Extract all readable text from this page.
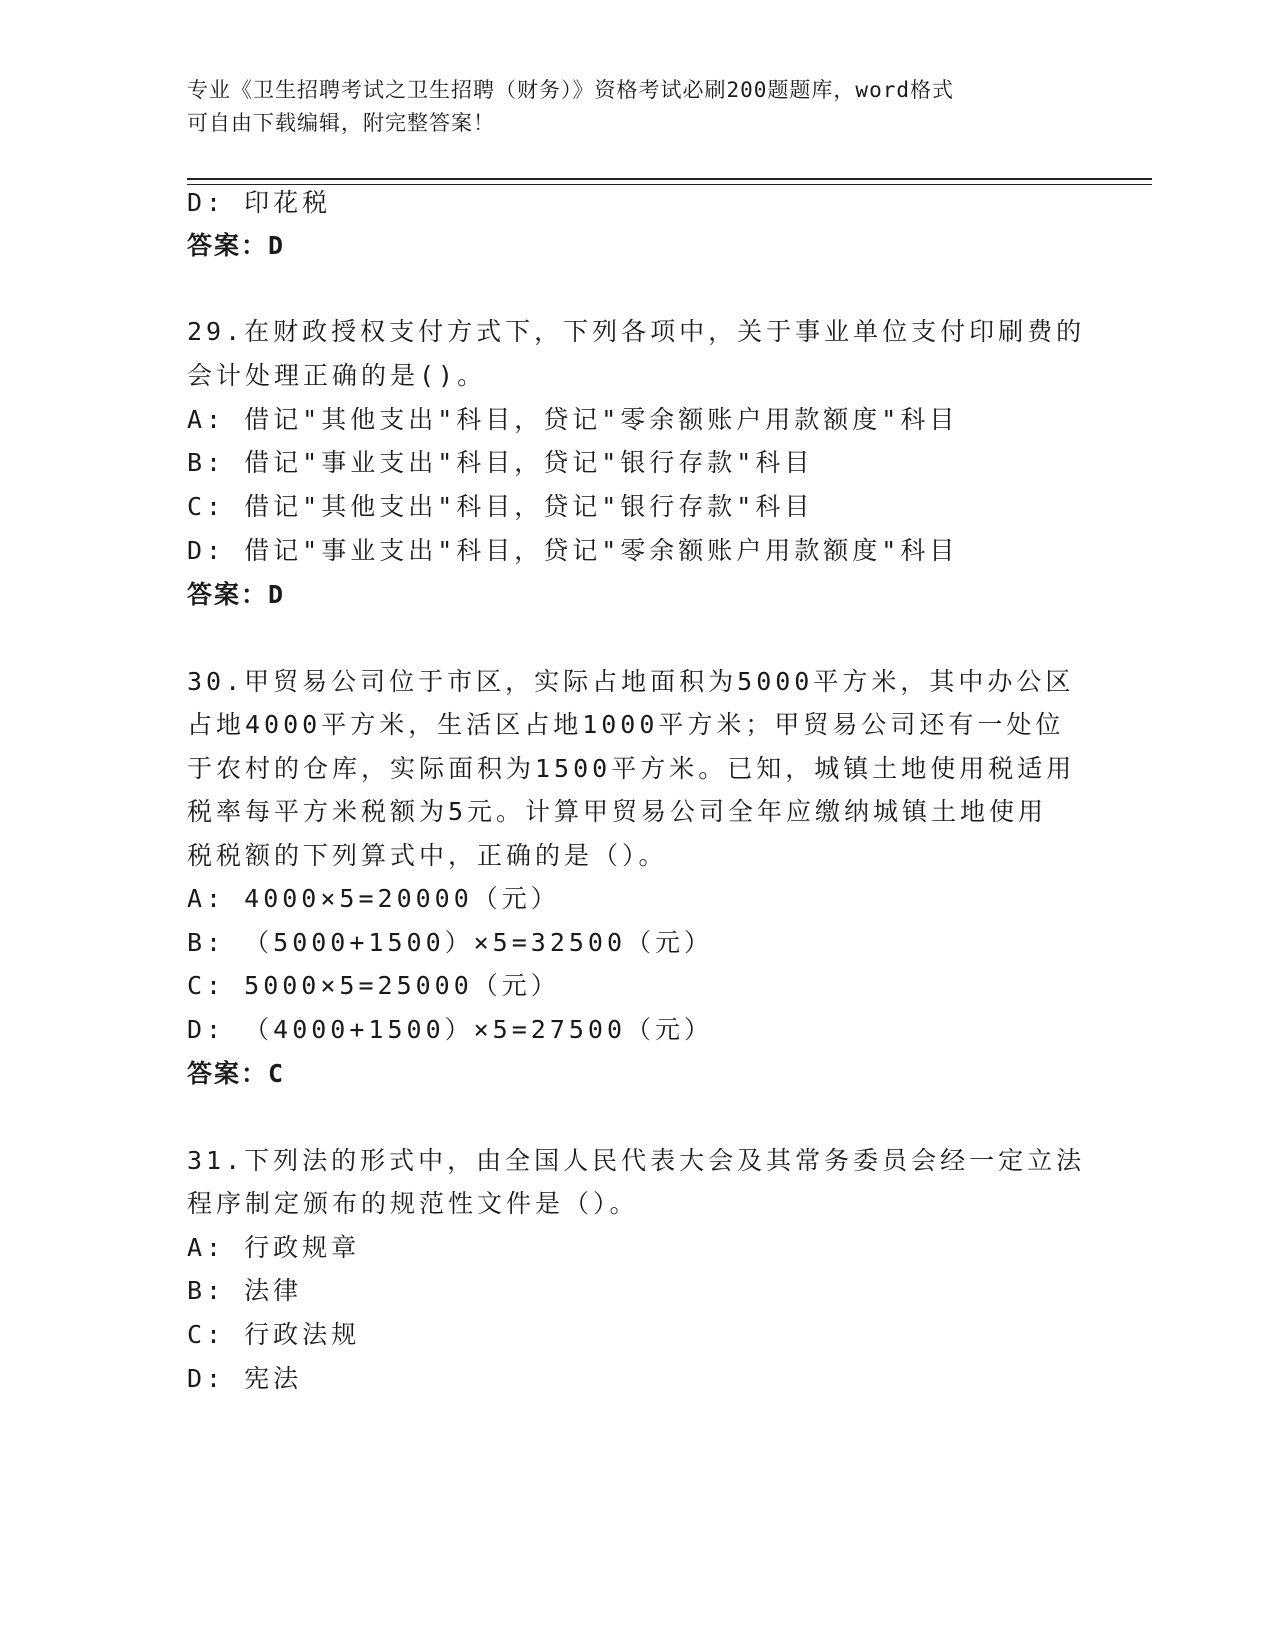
专业《卫生招聘考试之卫生招聘（财务）》资格考试必刷200题题库，word格式
可自由下载编辑，附完整答案！
D: 印花税
答案：D
29.在财政授权支付方式下，下列各项中，关于事业单位支付印刷费的
会计处理正确的是()。
A: 借记"其他支出"科目，贷记"零余额账户用款额度"科目
B: 借记"事业支出"科目，贷记"银行存款"科目
C: 借记"其他支出"科目，贷记"银行存款"科目
D: 借记"事业支出"科目，贷记"零余额账户用款额度"科目
答案：D
30.甲贸易公司位于市区，实际占地面积为5000平方米，其中办公区
占地4000平方米，生活区占地1000平方米；甲贸易公司还有一处位
于农村的仓库，实际面积为1500平方米。已知，城镇土地使用税适用
税率每平方米税额为5元。计算甲贸易公司全年应缴纳城镇土地使用
税税额的下列算式中，正确的是（）。
A: 4000×5=20000（元）
B: （5000+1500）×5=32500（元）
C: 5000×5=25000（元）
D: （4000+1500）×5=27500（元）
答案：C
31.下列法的形式中，由全国人民代表大会及其常务委员会经一定立法
程序制定颁布的规范性文件是（）。
A: 行政规章
B: 法律
C: 行政法规
D: 宪法
